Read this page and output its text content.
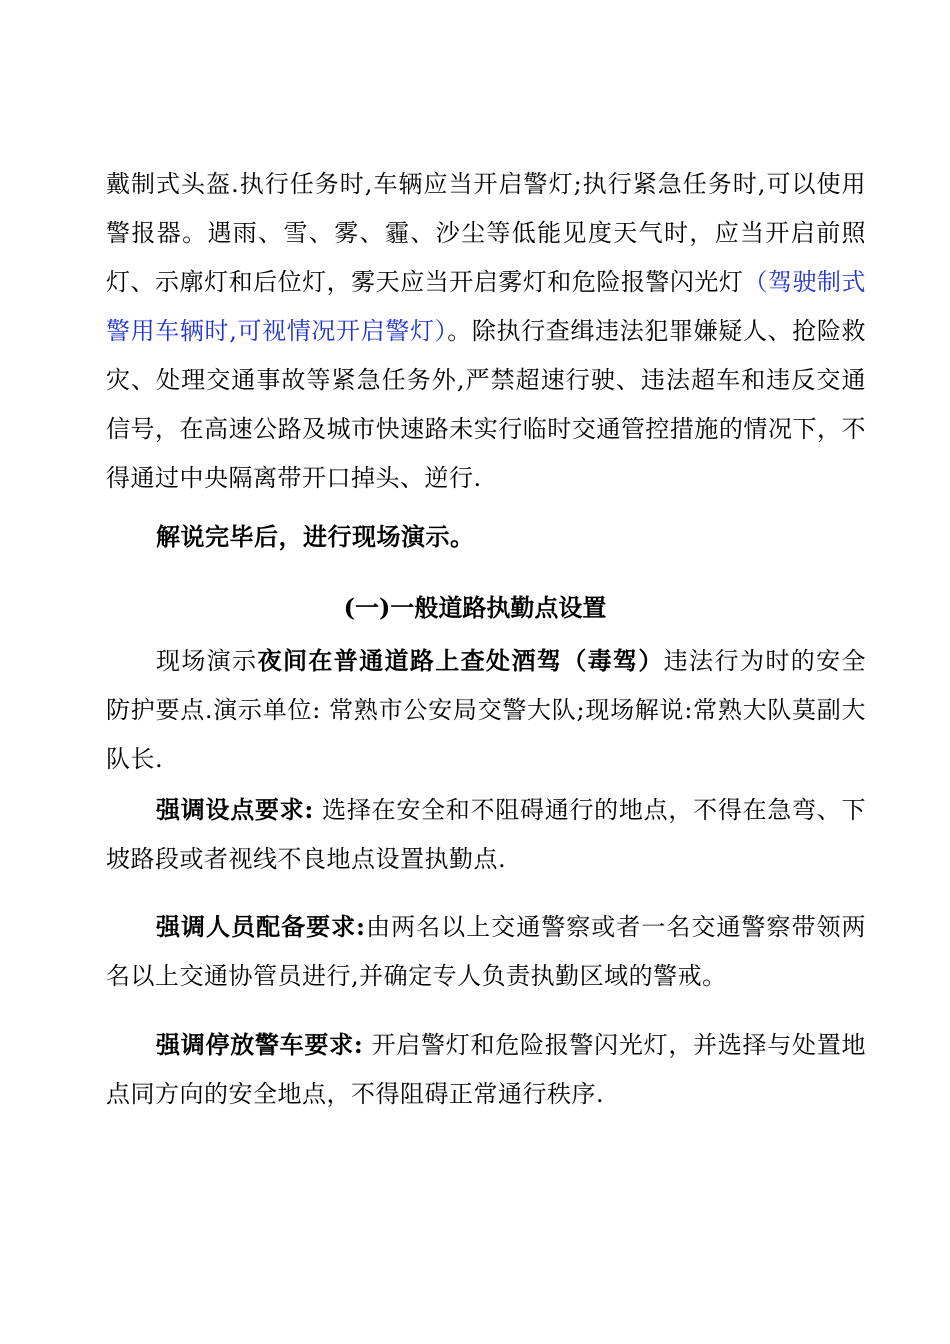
戴制式头盔.执行任务时,车辆应当开启警灯;执行紧急任务时,可以使用警报器。遇雨、雪、雾、霾、沙尘等低能见度天气时，应当开启前照灯、示廓灯和后位灯，雾天应当开启雾灯和危险报警闪光灯（驾驶制式警用车辆时,可视情况开启警灯）。除执行查缉违法犯罪嫌疑人、抢险救灾、处理交通事故等紧急任务外,严禁超速行驶、违法超车和违反交通信号，在高速公路及城市快速路未实行临时交通管控措施的情况下，不得通过中央隔离带开口掉头、逆行.

解说完毕后，进行现场演示。

(一)一般道路执勤点设置

现场演示夜间在普通道路上查处酒驾（毒驾）违法行为时的安全防护要点.演示单位: 常熟市公安局交警大队;现场解说:常熟大队莫副大队长.

强调设点要求: 选择在安全和不阻碍通行的地点，不得在急弯、下坡路段或者视线不良地点设置执勤点.

强调人员配备要求:由两名以上交通警察或者一名交通警察带领两名以上交通协管员进行,并确定专人负责执勤区域的警戒。

强调停放警车要求: 开启警灯和危险报警闪光灯，并选择与处置地点同方向的安全地点，不得阻碍正常通行秩序.
